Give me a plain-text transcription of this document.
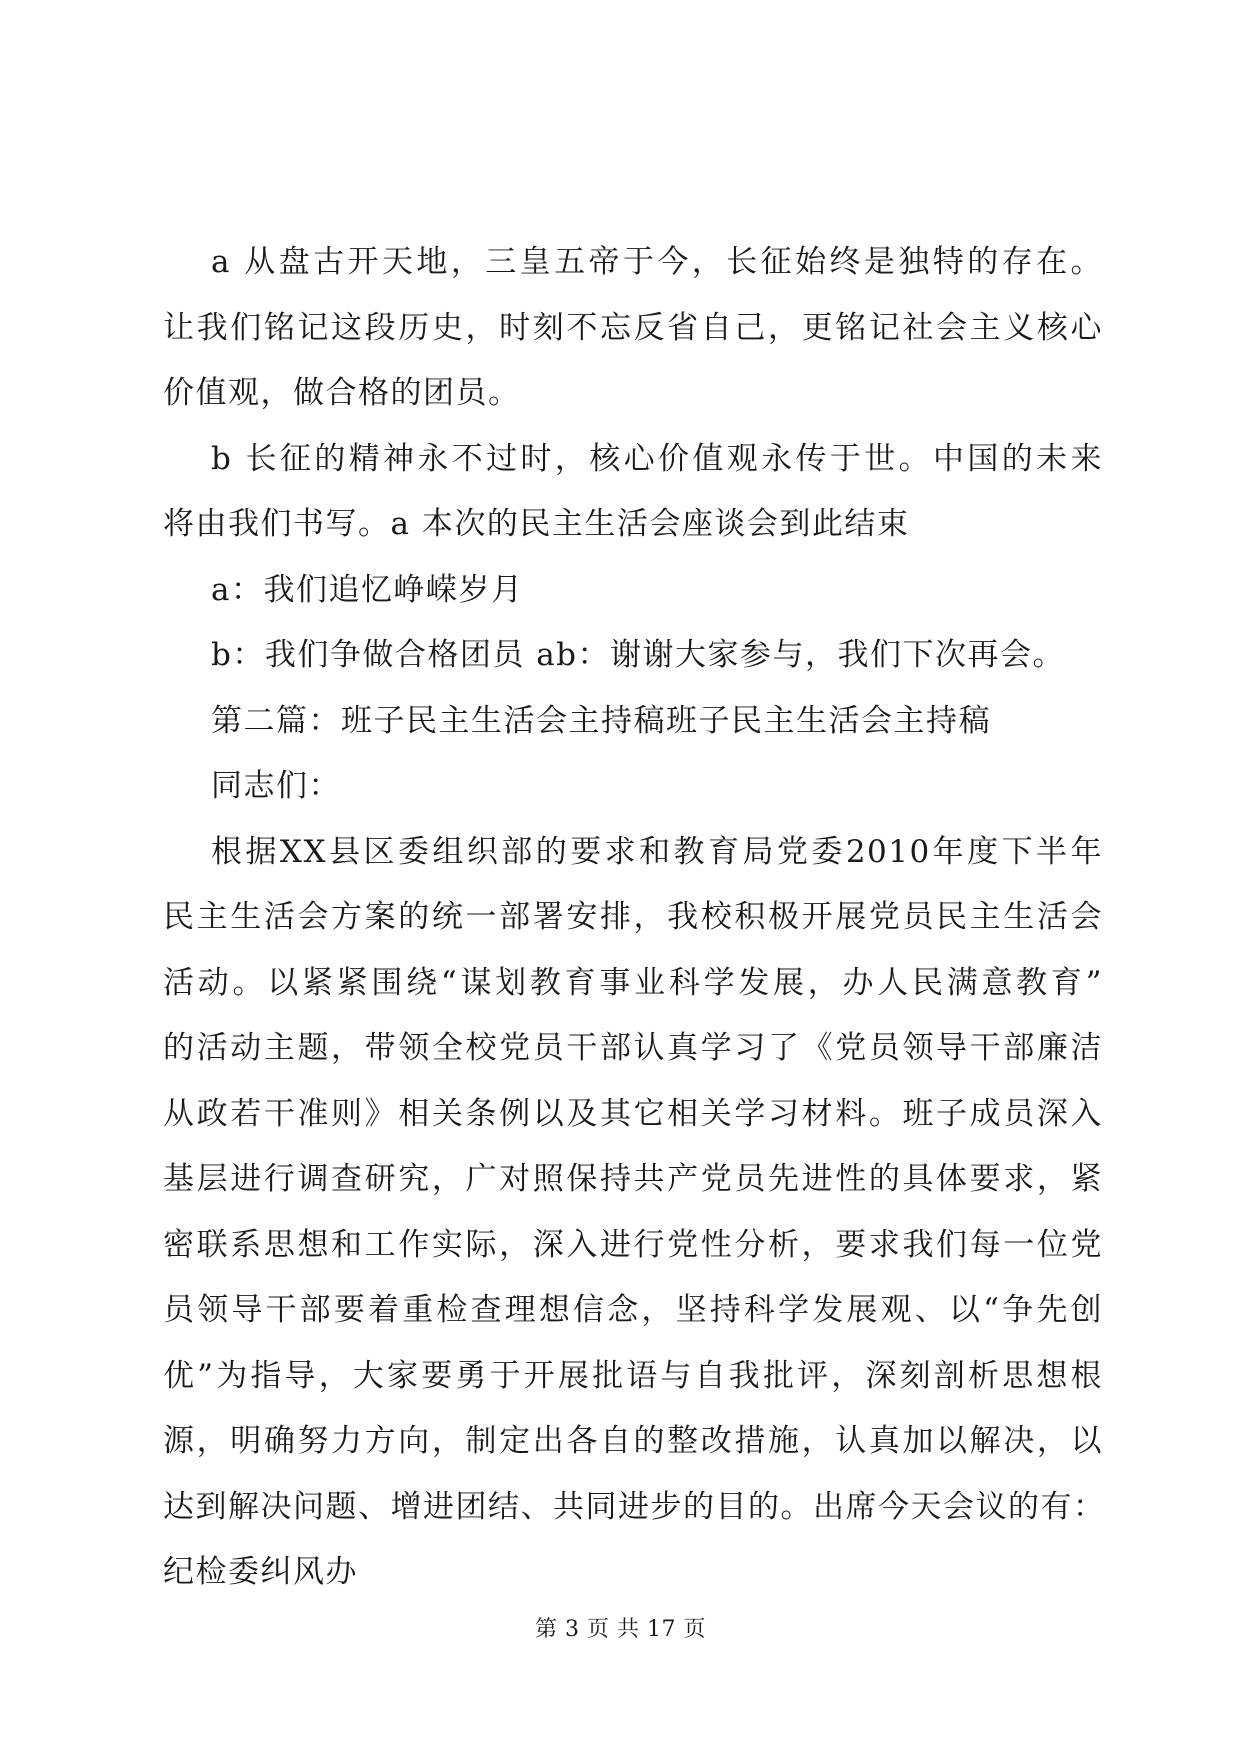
a 从盘古开天地，三皇五帝于今，长征始终是独特的存在。
让我们铭记这段历史，时刻不忘反省自己，更铭记社会主义核心
价值观，做合格的团员。

b 长征的精神永不过时，核心价值观永传于世。中国的未来
将由我们书写。a 本次的民主生活会座谈会到此结束

a：我们追忆峥嵘岁月

b：我们争做合格团员 ab：谢谢大家参与，我们下次再会。

第二篇：班子民主生活会主持稿班子民主生活会主持稿

同志们：

根据XX县区委组织部的要求和教育局党委2010年度下半年
民主生活会方案的统一部署安排，我校积极开展党员民主生活会
活动。以紧紧围绕“谋划教育事业科学发展，办人民满意教育”
的活动主题，带领全校党员干部认真学习了《党员领导干部廉洁
从政若干准则》相关条例以及其它相关学习材料。班子成员深入
基层进行调查研究，广对照保持共产党员先进性的具体要求，紧
密联系思想和工作实际，深入进行党性分析，要求我们每一位党
员领导干部要着重检查理想信念，坚持科学发展观、以“争先创
优”为指导，大家要勇于开展批语与自我批评，深刻剖析思想根
源，明确努力方向，制定出各自的整改措施，认真加以解决，以
达到解决问题、增进团结、共同进步的目的。出席今天会议的有：
纪检委纠风办

第 3 页 共 17 页
